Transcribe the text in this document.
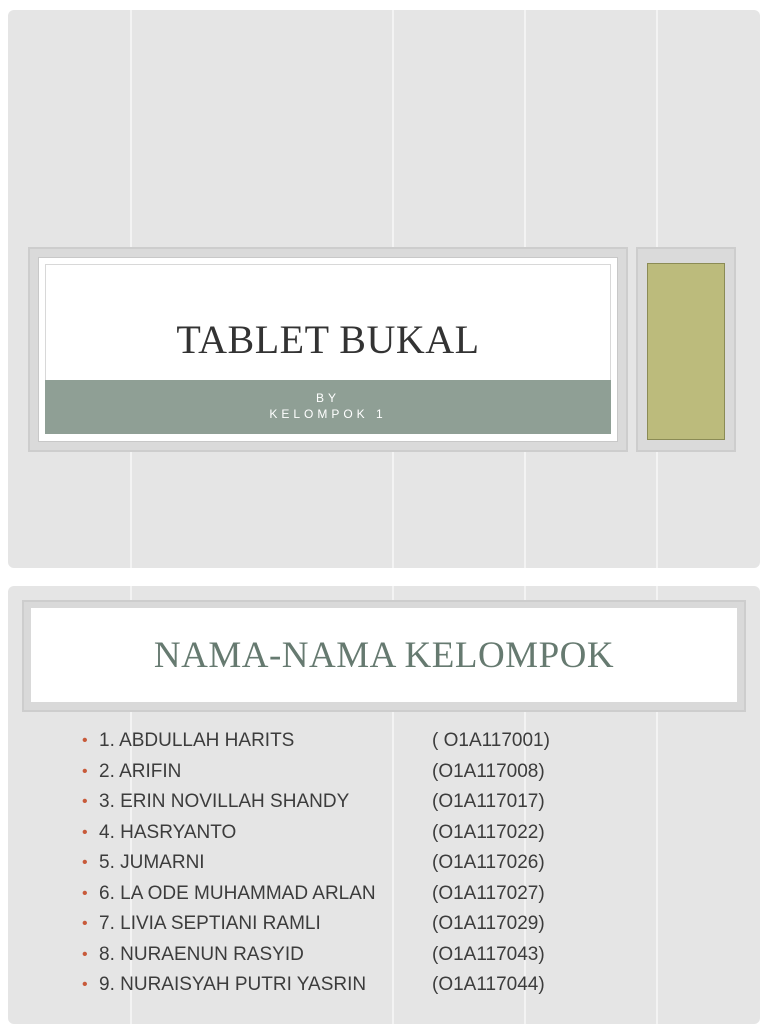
TABLET BUKAL
BY
KELOMPOK 1
NAMA-NAMA KELOMPOK
• 1. ABDULLAH HARITS	( O1A117001)
• 2. ARIFIN	(O1A117008)
• 3. ERIN NOVILLAH SHANDY	(O1A117017)
• 4. HASRYANTO	(O1A117022)
• 5. JUMARNI	(O1A117026)
• 6. LA ODE MUHAMMAD ARLAN	(O1A117027)
• 7. LIVIA SEPTIANI RAMLI	(O1A117029)
• 8. NURAENUN RASYID	(O1A117043)
• 9. NURAISYAH PUTRI YASRIN	(O1A117044)
